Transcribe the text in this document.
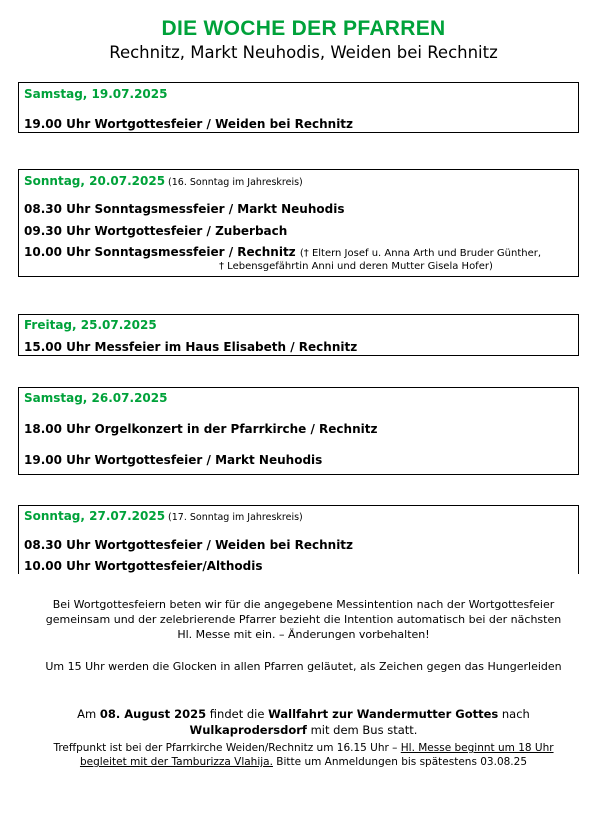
DIE WOCHE DER PFARREN
Rechnitz, Markt Neuhodis, Weiden bei Rechnitz
Samstag, 19.07.2025
19.00 Uhr Wortgottesfeier / Weiden bei Rechnitz
Sonntag, 20.07.2025 (16. Sonntag im Jahreskreis)
08.30 Uhr Sonntagsmessfeier / Markt Neuhodis
09.30 Uhr Wortgottesfeier / Zuberbach
10.00 Uhr Sonntagsmessfeier / Rechnitz († Eltern Josef u. Anna Arth und Bruder Günther,
† Lebensgefährtin Anni und deren Mutter Gisela Hofer)
Freitag, 25.07.2025
15.00 Uhr Messfeier im Haus Elisabeth / Rechnitz
Samstag, 26.07.2025
18.00 Uhr Orgelkonzert in der Pfarrkirche / Rechnitz
19.00 Uhr Wortgottesfeier / Markt Neuhodis
Sonntag, 27.07.2025 (17. Sonntag im Jahreskreis)
08.30 Uhr Wortgottesfeier / Weiden bei Rechnitz
10.00 Uhr Wortgottesfeier/Althodis
Bei Wortgottesfeiern beten wir für die angegebene Messintention nach der Wortgottesfeier gemeinsam und der zelebrierende Pfarrer bezieht die Intention automatisch bei der nächsten Hl. Messe mit ein. – Änderungen vorbehalten!
Um 15 Uhr werden die Glocken in allen Pfarren geläutet, als Zeichen gegen das Hungerleiden
Am 08. August 2025 findet die Wallfahrt zur Wandermutter Gottes nach
Wulkaprodersdorf mit dem Bus statt.
Treffpunkt ist bei der Pfarrkirche Weiden/Rechnitz um 16.15 Uhr – Hl. Messe beginnt um 18 Uhr
begleitet mit der Tamburizza Vlahija. Bitte um Anmeldungen bis spätestens 03.08.25
